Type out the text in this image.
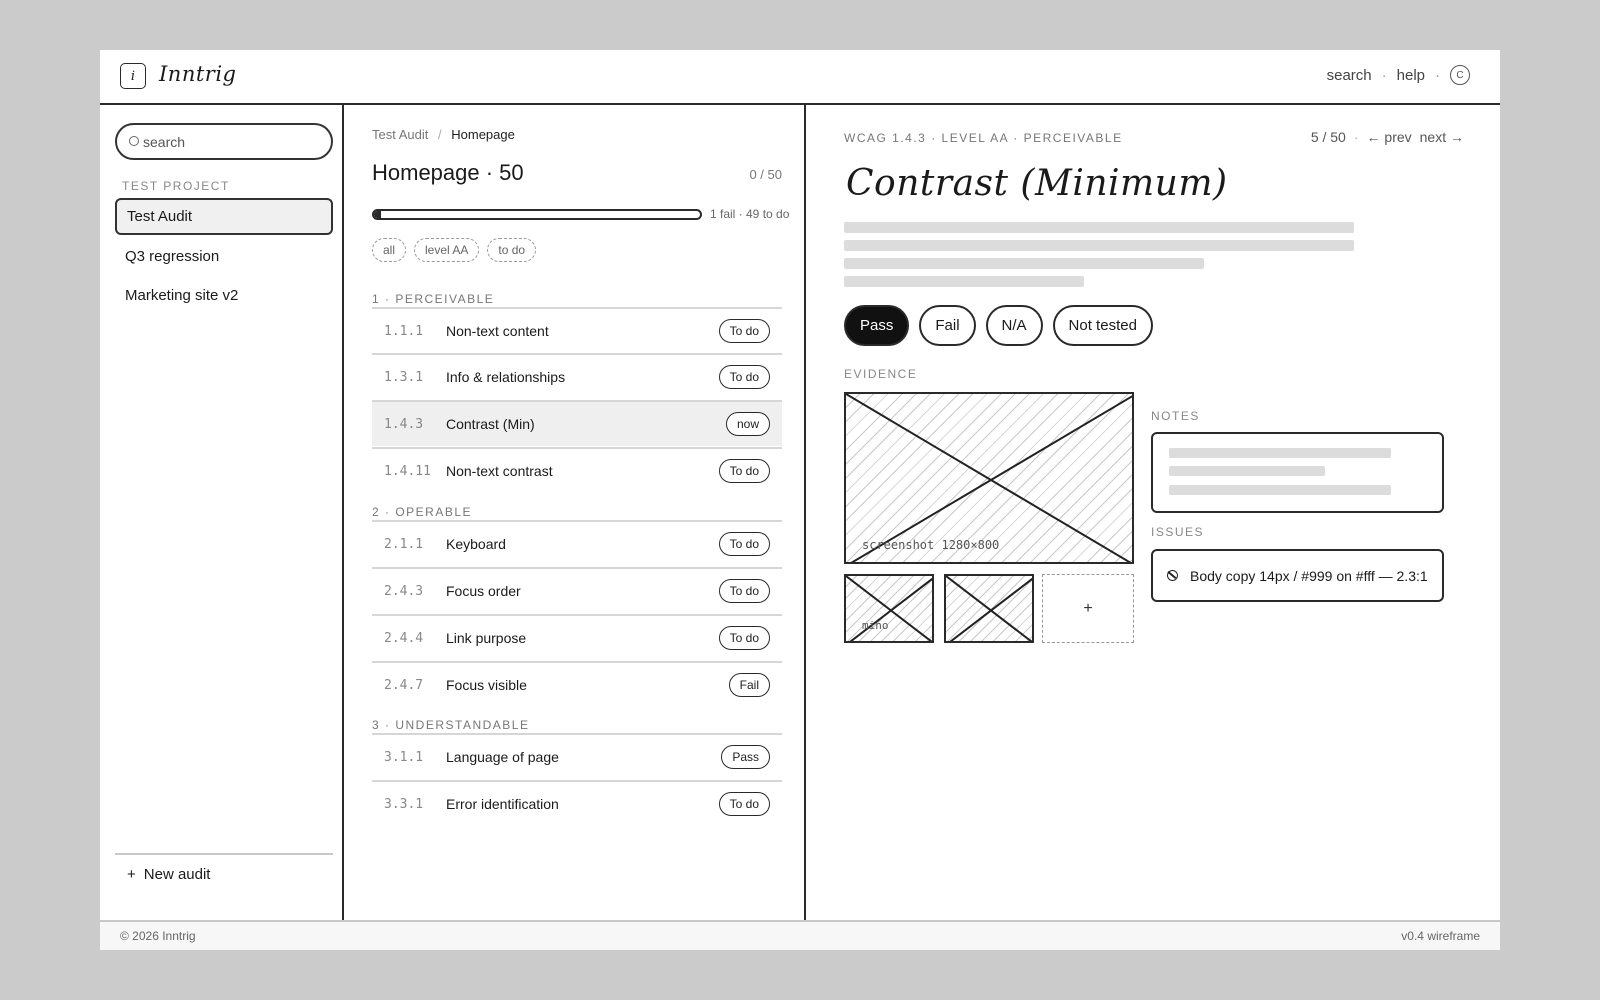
i	Inntrig	search · help ·	C
search
TEST PROJECT
Test Audit
Q3 regression
Marketing site v2
+ New audit
Test Audit / Homepage
Homepage · 50	0 / 50
1 fail · 49 to do
all	level AA	to do
1 · PERCEIVABLE
1.1.1 Non-text content	To do
1.3.1 Info & relationships	To do
1.4.3 Contrast (Min)	now
1.4.11 Non-text contrast	To do
2 · OPERABLE
2.1.1 Keyboard	To do
2.4.3 Focus order	To do
2.4.4 Link purpose	To do
2.4.7 Focus visible	Fail
3 · UNDERSTANDABLE
3.1.1 Language of page	Pass
3.3.1 Error identification	To do
WCAG 1.4.3 · LEVEL AA · PERCEIVABLE	5 / 50 · ← prev next →
Contrast (Minimum)
Pass	Fail	N/A	Not tested
EVIDENCE
screenshot 1280×800
mino
+
NOTES
ISSUES
Body copy 14px / #999 on #fff — 2.3:1
© 2026 Inntrig	v0.4 wireframe
